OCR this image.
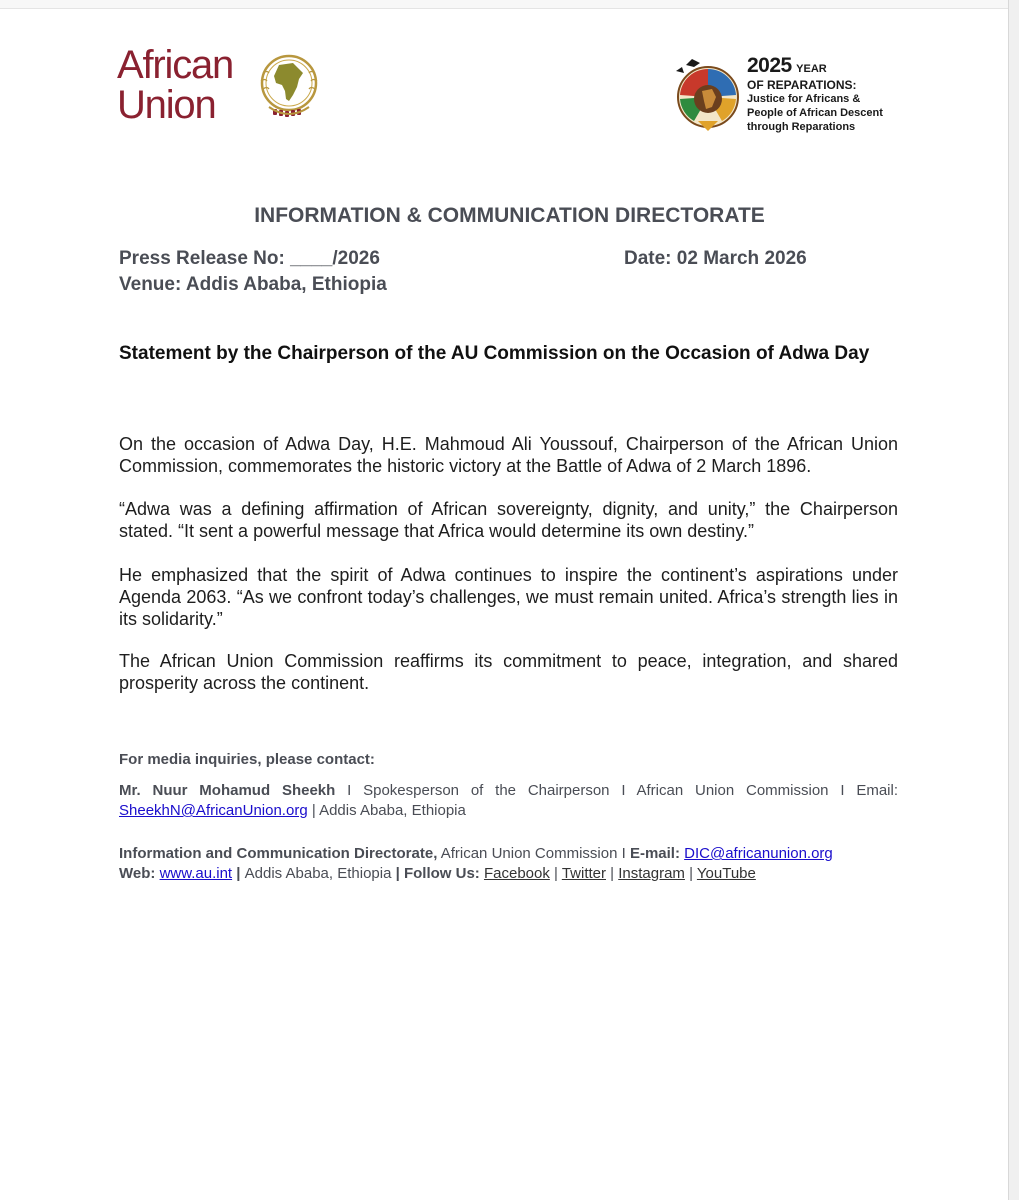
African
Union
2025 YEAR
OF REPARATIONS:
Justice for Africans &
People of African Descent
through Reparations
INFORMATION & COMMUNICATION DIRECTORATE
Press Release No: ____/2026	Date: 02 March 2026
Venue: Addis Ababa, Ethiopia
Statement by the Chairperson of the AU Commission on the Occasion of Adwa Day
On the occasion of Adwa Day, H.E. Mahmoud Ali Youssouf, Chairperson of the African Union Commission, commemorates the historic victory at the Battle of Adwa of 2 March 1896.
“Adwa was a defining affirmation of African sovereignty, dignity, and unity,” the Chairperson stated. “It sent a powerful message that Africa would determine its own destiny.”
He emphasized that the spirit of Adwa continues to inspire the continent’s aspirations under Agenda 2063. “As we confront today’s challenges, we must remain united. Africa’s strength lies in its solidarity.”
The African Union Commission reaffirms its commitment to peace, integration, and shared prosperity across the continent.
For media inquiries, please contact:
Mr. Nuur Mohamud Sheekh I Spokesperson of the Chairperson I African Union Commission I Email: SheekhN@AfricanUnion.org | Addis Ababa, Ethiopia
Information and Communication Directorate, African Union Commission I E-mail: DIC@africanunion.org
Web: www.au.int | Addis Ababa, Ethiopia | Follow Us: Facebook | Twitter | Instagram | YouTube
